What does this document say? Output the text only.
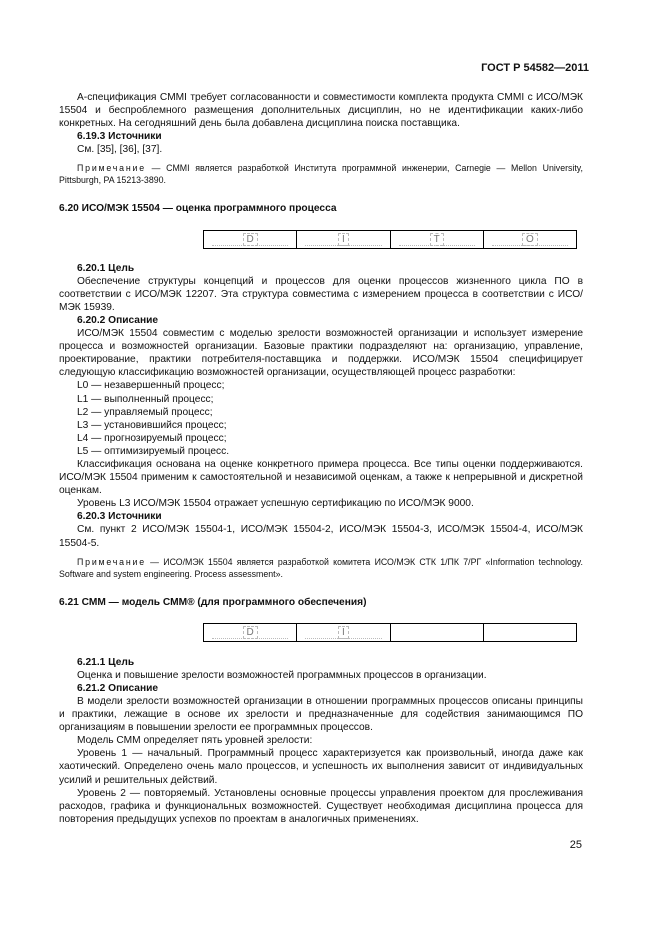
ГОСТ Р 54582—2011

А-спецификация CMMI требует согласованности и совместимости комплекта продукта CMMI с ИСО/МЭК 15504 и беспроблемного размещения дополнительных дисциплин, но не идентификации каких-либо конкретных. На сегодняшний день была добавлена дисциплина поиска поставщика.

6.19.3 Источники

См. [35], [36], [37].

Примечание — CMMI является разработкой Института программной инженерии, Carnegie — Mellon University, Pittsburgh, PA 15213-3890.

6.20 ИСО/МЭК 15504 — оценка программного процесса

D	I	T	O

6.20.1 Цель

Обеспечение структуры концепций и процессов для оценки процессов жизненного цикла ПО в соответствии с ИСО/МЭК 12207. Эта структура совместима с измерением процесса в соответствии с ИСО/МЭК 15939.

6.20.2 Описание

ИСО/МЭК 15504 совместим с моделью зрелости возможностей организации и использует измерение процесса и возможностей организации. Базовые практики подразделяют на: организацию, управление, проектирование, практики потребителя-поставщика и поддержки. ИСО/МЭК 15504 специфицирует следующую классификацию возможностей организации, осуществляющей процесс разработки:

L0 — незавершенный процесс;

L1 — выполненный процесс;

L2 — управляемый процесс;

L3 — установившийся процесс;

L4 — прогнозируемый процесс;

L5 — оптимизируемый процесс.

Классификация основана на оценке конкретного примера процесса. Все типы оценки поддерживаются. ИСО/МЭК 15504 применим к самостоятельной и независимой оценкам, а также к непрерывной и дискретной оценкам.

Уровень L3 ИСО/МЭК 15504 отражает успешную сертификацию по ИСО/МЭК 9000.

6.20.3 Источники

См. пункт 2 ИСО/МЭК 15504-1, ИСО/МЭК 15504-2, ИСО/МЭК 15504-3, ИСО/МЭК 15504-4, ИСО/МЭК 15504-5.

Примечание — ИСО/МЭК 15504 является разработкой комитета ИСО/МЭК СТК 1/ПК 7/РГ «Information technology. Software and system engineering. Process assessment».

6.21 СММ — модель СММ® (для программного обеспечения)

D	I

6.21.1 Цель

Оценка и повышение зрелости возможностей программных процессов в организации.

6.21.2 Описание

В модели зрелости возможностей организации в отношении программных процессов описаны принципы и практики, лежащие в основе их зрелости и предназначенные для содействия занимающимся ПО организациям в повышении зрелости ее программных процессов.

Модель СММ определяет пять уровней зрелости:

Уровень 1 — начальный. Программный процесс характеризуется как произвольный, иногда даже как хаотический. Определено очень мало процессов, и успешность их выполнения зависит от индивидуальных усилий и решительных действий.

Уровень 2 — повторяемый. Установлены основные процессы управления проектом для прослеживания расходов, графика и функциональных возможностей. Существует необходимая дисциплина процесса для повторения предыдущих успехов по проектам в аналогичных применениях.

25
